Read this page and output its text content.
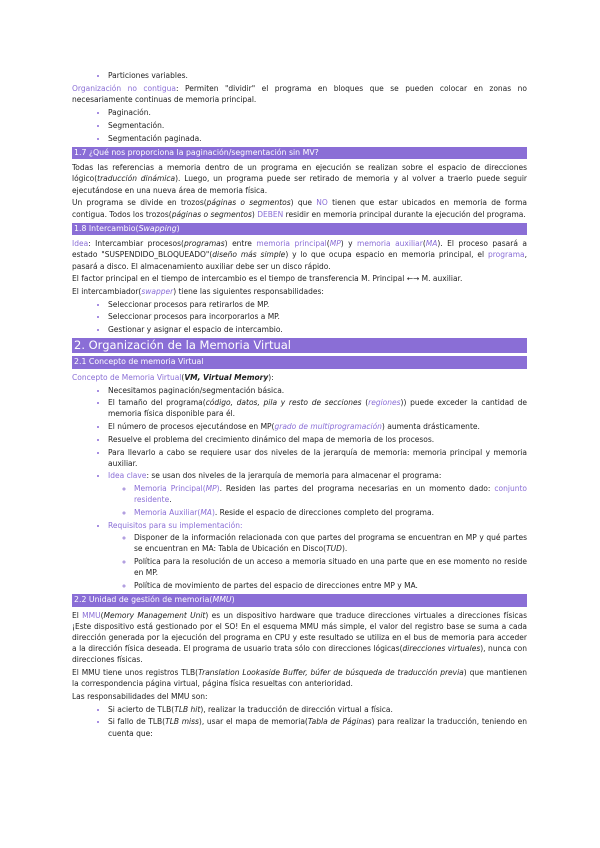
• Particiones variables.

Organización no contigua: Permiten "dividir" el programa en bloques que se pueden colocar en zonas no necesariamente continuas de memoria principal.

• Paginación.
• Segmentación.
• Segmentación paginada.
1.7 ¿Qué nos proporciona la paginación/segmentación sin MV?

Todas las referencias a memoria dentro de un programa en ejecución se realizan sobre el espacio de direcciones lógico(traducción dinámica). Luego, un programa puede ser retirado de memoria y al volver a traerlo puede seguir ejecutándose en una nueva área de memoria física.

Un programa se divide en trozos(páginas o segmentos) que NO tienen que estar ubicados en memoria de forma contigua. Todos los trozos(páginas o segmentos) DEBEN residir en memoria principal durante la ejecución del programa.

1.8 Intercambio(Swapping)

Idea: Intercambiar procesos(programas) entre memoria principal(MP) y memoria auxiliar(MA). El proceso pasará a estado "SUSPENDIDO_BLOQUEADO"(diseño más simple) y lo que ocupa espacio en memoria principal, el programa, pasará a disco. El almacenamiento auxiliar debe ser un disco rápido.

El factor principal en el tiempo de intercambio es el tiempo de transferencia M. Principal ←→ M. auxiliar.

El intercambiador(swapper) tiene las siguientes responsabilidades:

• Seleccionar procesos para retirarlos de MP.
• Seleccionar procesos para incorporarlos a MP.
• Gestionar y asignar el espacio de intercambio.
2. Organización de la Memoria Virtual
2.1 Concepto de memoria Virtual

Concepto de Memoria Virtual(VM, Virtual Memory):

• Necesitamos paginación/segmentación básica.
• El tamaño del programa(código, datos, pila y resto de secciones (regiones)) puede exceder la cantidad de memoria física disponible para él.
• El número de procesos ejecutándose en MP(grado de multiprogramación) aumenta drásticamente.
• Resuelve el problema del crecimiento dinámico del mapa de memoria de los procesos.
• Para llevarlo a cabo se requiere usar dos niveles de la jerarquía de memoria: memoria principal y memoria auxiliar.
• Idea clave: se usan dos niveles de la jerarquía de memoria para almacenar el programa:
◦ Memoria Principal(MP). Residen las partes del programa necesarias en un momento dado: conjunto residente.
◦ Memoria Auxiliar(MA). Reside el espacio de direcciones completo del programa.
• Requisitos para su implementación:
◦ Disponer de la información relacionada con que partes del programa se encuentran en MP y qué partes se encuentran en MA: Tabla de Ubicación en Disco(TUD).
◦ Política para la resolución de un acceso a memoria situado en una parte que en ese momento no reside en MP.
◦ Política de movimiento de partes del espacio de direcciones entre MP y MA.
2.2 Unidad de gestión de memoria(MMU)

El MMU(Memory Management Unit) es un dispositivo hardware que traduce direcciones virtuales a direcciones físicas ¡Este dispositivo está gestionado por el SO! En el esquema MMU más simple, el valor del registro base se suma a cada dirección generada por la ejecución del programa en CPU y este resultado se utiliza en el bus de memoria para acceder a la dirección física deseada. El programa de usuario trata sólo con direcciones lógicas(direcciones virtuales), nunca con direcciones físicas.

El MMU tiene unos registros TLB(Translation Lookaside Buffer, búfer de búsqueda de traducción previa) que mantienen la correspondencia página virtual, página física resueltas con anterioridad.

Las responsabilidades del MMU son:

• Si acierto de TLB(TLB hit), realizar la traducción de dirección virtual a física.
• Si fallo de TLB(TLB miss), usar el mapa de memoria(Tabla de Páginas) para realizar la traducción, teniendo en cuenta que:
